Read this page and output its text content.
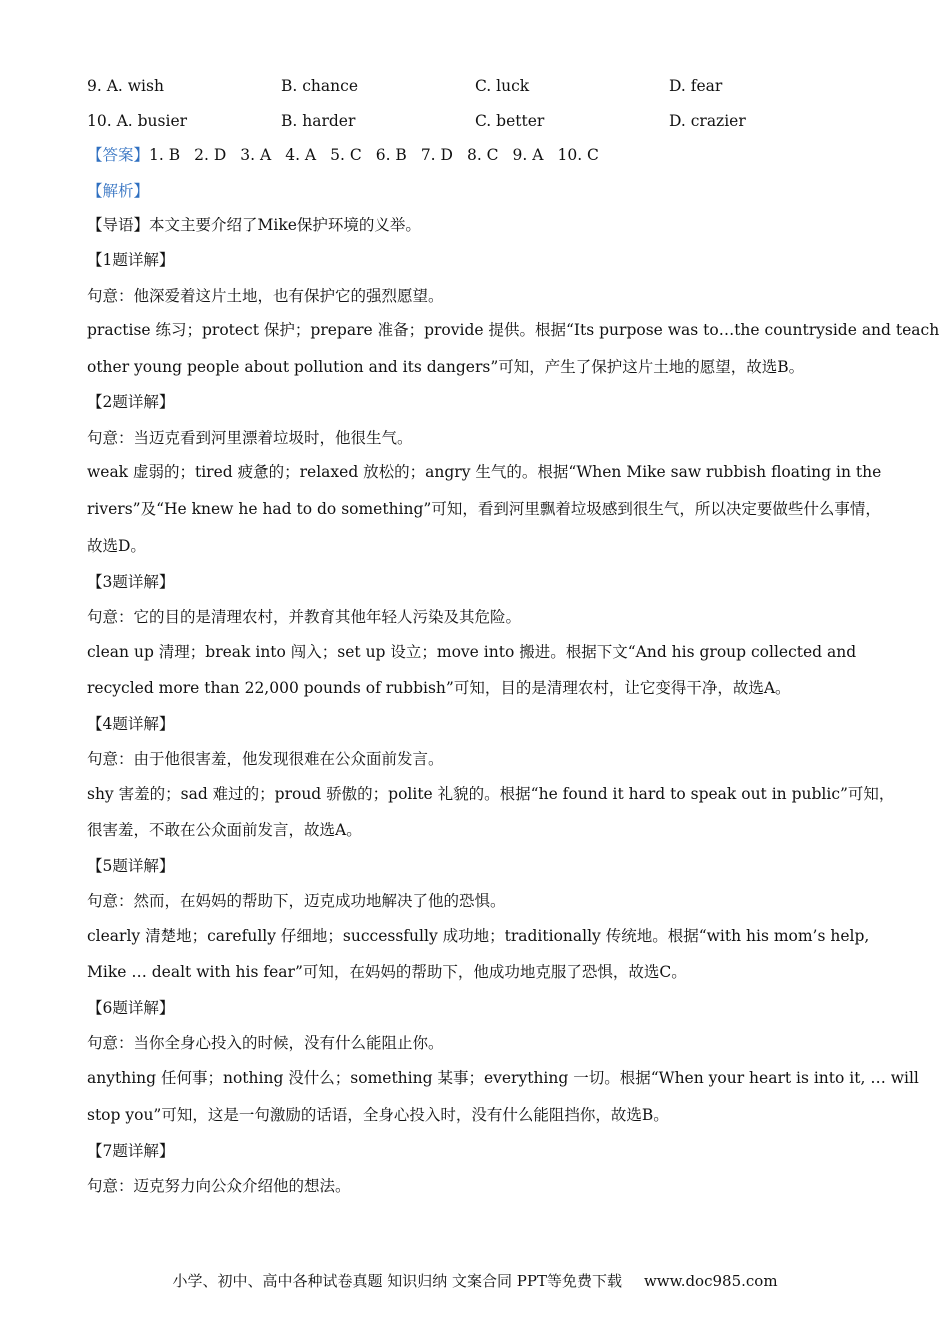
9. A. wish	B. chance	C. luck	D. fear
10. A. busier	B. harder	C. better	D. crazier
【答案】1. B 2. D 3. A 4. A 5. C 6. B 7. D 8. C 9. A 10. C
【解析】
【导语】本文主要介绍了Mike保护环境的义举。
【1题详解】
句意：他深爱着这片土地，也有保护它的强烈愿望。
practise 练习；protect 保护；prepare 准备；provide 提供。根据“Its purpose was to…the countryside and teach
other young people about pollution and its dangers”可知，产生了保护这片土地的愿望，故选B。
【2题详解】
句意：当迈克看到河里漂着垃圾时，他很生气。
weak 虚弱的；tired 疲惫的；relaxed 放松的；angry 生气的。根据“When Mike saw rubbish floating in the
rivers”及“He knew he had to do something”可知，看到河里飘着垃圾感到很生气，所以决定要做些什么事情，
故选D。
【3题详解】
句意：它的目的是清理农村，并教育其他年轻人污染及其危险。
clean up 清理；break into 闯入；set up 设立；move into 搬进。根据下文“And his group collected and
recycled more than 22,000 pounds of rubbish”可知，目的是清理农村，让它变得干净，故选A。
【4题详解】
句意：由于他很害羞，他发现很难在公众面前发言。
shy 害羞的；sad 难过的；proud 骄傲的；polite 礼貌的。根据“he found it hard to speak out in public”可知，
很害羞，不敢在公众面前发言，故选A。
【5题详解】
句意：然而，在妈妈的帮助下，迈克成功地解决了他的恐惧。
clearly 清楚地；carefully 仔细地；successfully 成功地；traditionally 传统地。根据“with his mom’s help,
Mike … dealt with his fear”可知，在妈妈的帮助下，他成功地克服了恐惧，故选C。
【6题详解】
句意：当你全身心投入的时候，没有什么能阻止你。
anything 任何事；nothing 没什么；something 某事；everything 一切。根据“When your heart is into it, … will
stop you”可知，这是一句激励的话语，全身心投入时，没有什么能阻挡你，故选B。
【7题详解】
句意：迈克努力向公众介绍他的想法。
小学、初中、高中各种试卷真题 知识归纳 文案合同 PPT等免费下载 www.doc985.com
